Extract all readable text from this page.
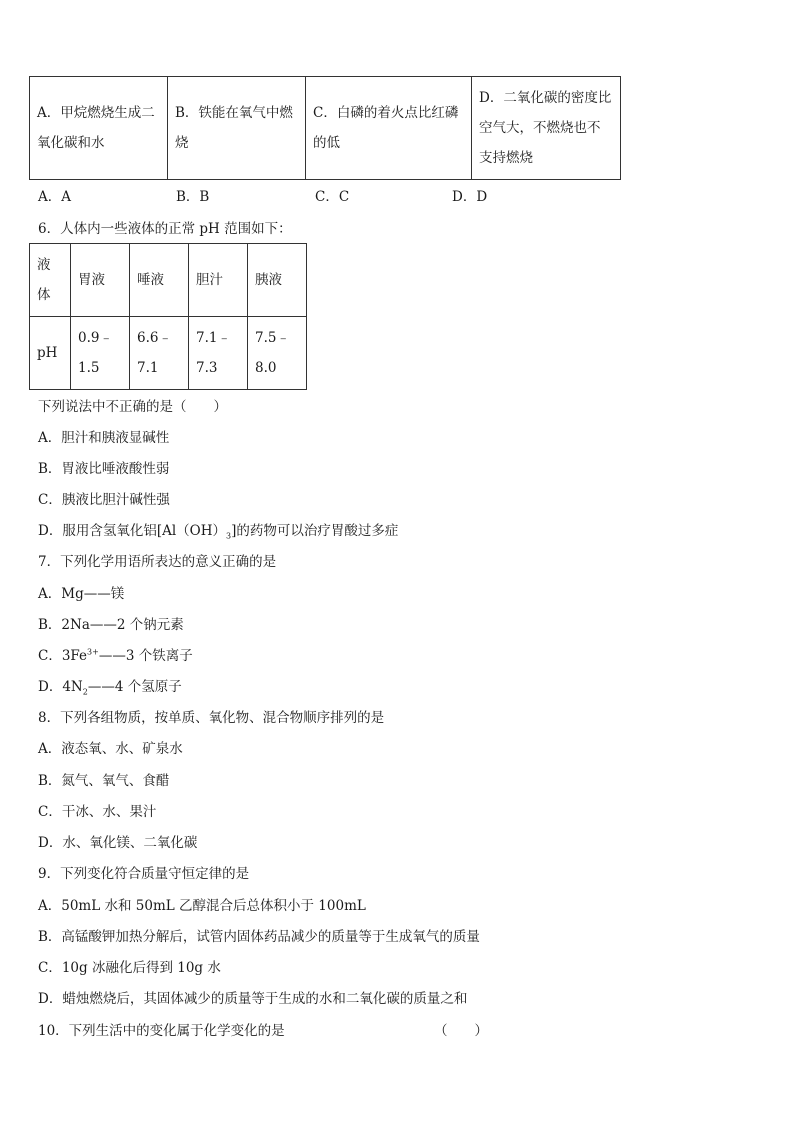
A．甲烷燃烧生成二氧化碳和水	B．铁能在氧气中燃烧	C．白磷的着火点比红磷的低	D．二氧化碳的密度比空气大，不燃烧也不支持燃烧
A．A	B．B	C．C	D．D
6．人体内一些液体的正常 pH 范围如下：
液体	胃液	唾液	胆汁	胰液
pH	0.9﹣1.5	6.6﹣7.1	7.1﹣7.3	7.5﹣8.0
下列说法中不正确的是（　　）
A．胆汁和胰液显碱性
B．胃液比唾液酸性弱
C．胰液比胆汁碱性强
D．服用含氢氧化铝$[Al(OH)_3]$的药物可以治疗胃酸过多症
7．下列化学用语所表达的意义正确的是
A．Mg——镁
B．2Na——2 个钠元素
C．$3Fe^{3+}——3$ 个铁离子
D．$4N_2——4$ 个氢原子
8．下列各组物质，按单质、氧化物、混合物顺序排列的是
A．液态氧、水、矿泉水
B．氮气、氧气、食醋
C．干冰、水、果汁
D．水、氧化镁、二氧化碳
9．下列变化符合质量守恒定律的是
A．50mL 水和 50mL 乙醇混合后总体积小于 100mL
B．高锰酸钾加热分解后，试管内固体药品减少的质量等于生成氧气的质量
C．10g 冰融化后得到 10g 水
D．蜡烛燃烧后，其固体减少的质量等于生成的水和二氧化碳的质量之和
10．下列生活中的变化属于化学变化的是	（　　）
